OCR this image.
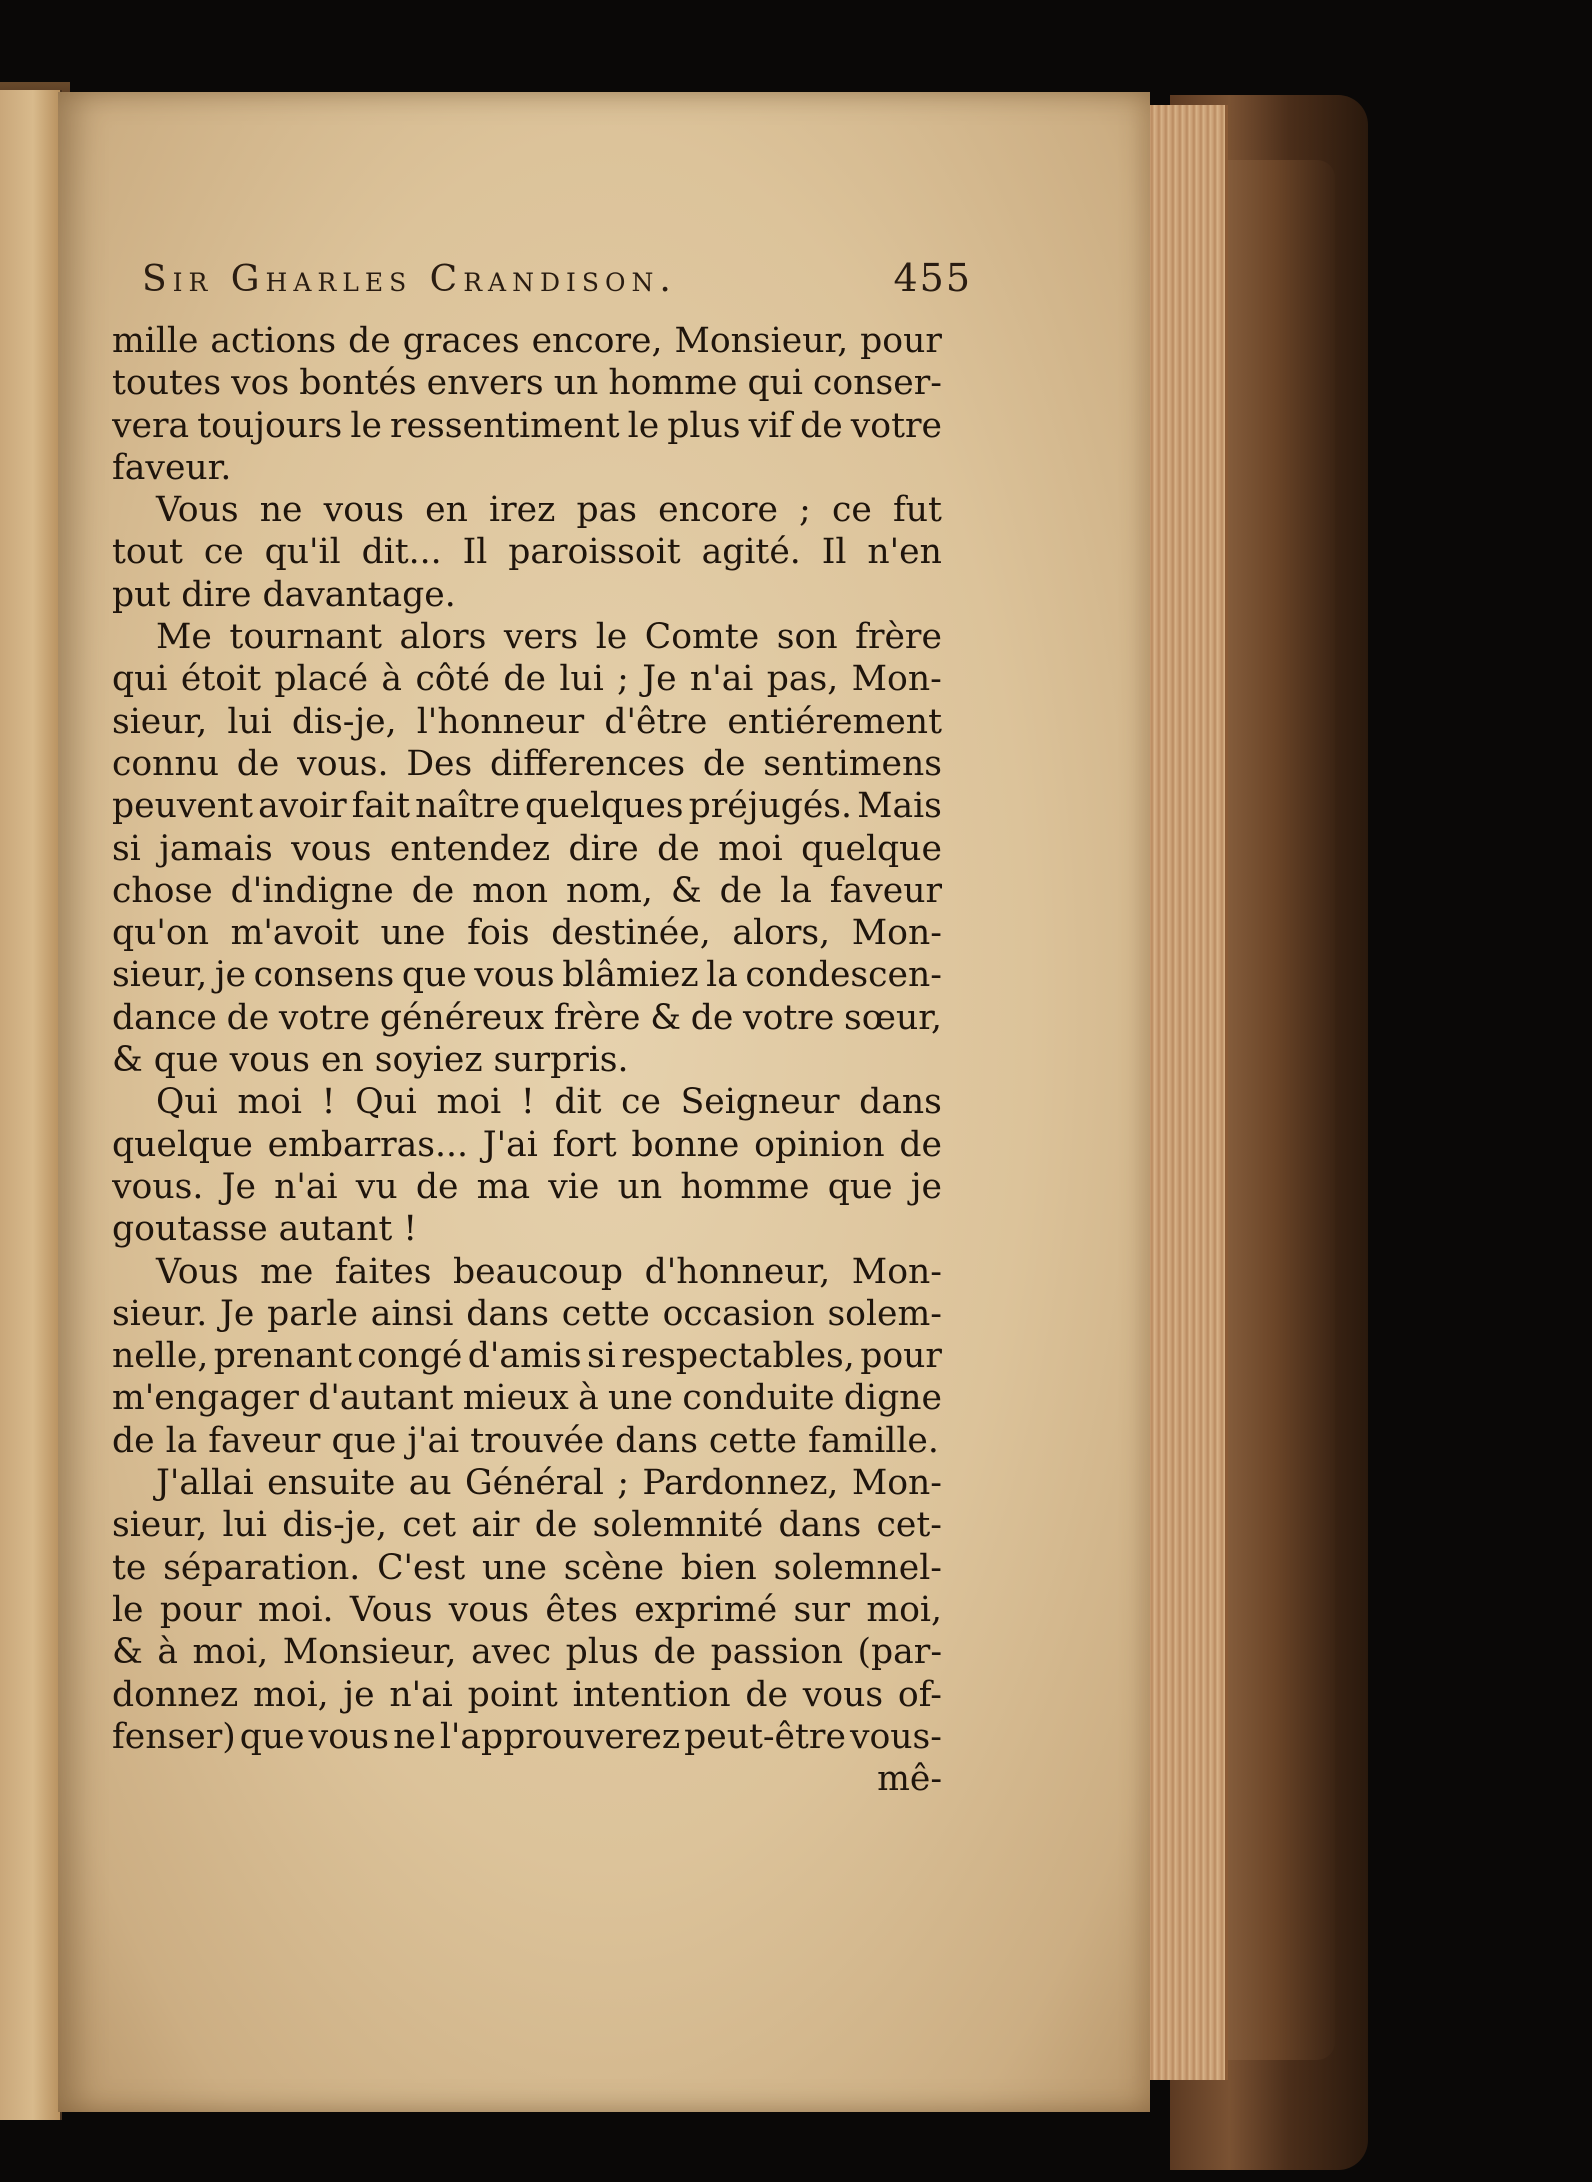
Sir Gharles Crandison.	455
mille actions de graces encore, Monsieur, pour
toutes vos bontés envers un homme qui conser-
vera toujours le ressentiment le plus vif de votre
faveur.
Vous ne vous en irez pas encore ; ce fut
tout ce qu'il dit... Il paroissoit agité. Il n'en
put dire davantage.
Me tournant alors vers le Comte son frère
qui étoit placé à côté de lui ; Je n'ai pas, Mon-
sieur, lui dis-je, l'honneur d'être entiérement
connu de vous. Des differences de sentimens
peuvent avoir fait naître quelques préjugés. Mais
si jamais vous entendez dire de moi quelque
chose d'indigne de mon nom, & de la faveur
qu'on m'avoit une fois destinée, alors, Mon-
sieur, je consens que vous blâmiez la condescen-
dance de votre généreux frère & de votre sœur,
& que vous en soyiez surpris.
Qui moi ! Qui moi ! dit ce Seigneur dans
quelque embarras... J'ai fort bonne opinion de
vous. Je n'ai vu de ma vie un homme que je
goutasse autant !
Vous me faites beaucoup d'honneur, Mon-
sieur. Je parle ainsi dans cette occasion solem-
nelle, prenant congé d'amis si respectables, pour
m'engager d'autant mieux à une conduite digne
de la faveur que j'ai trouvée dans cette famille.
J'allai ensuite au Général ; Pardonnez, Mon-
sieur, lui dis-je, cet air de solemnité dans cet-
te séparation. C'est une scène bien solemnel-
le pour moi. Vous vous êtes exprimé sur moi,
& à moi, Monsieur, avec plus de passion (par-
donnez moi, je n'ai point intention de vous of-
fenser) que vous ne l'approuverez peut-être vous-
mê-
